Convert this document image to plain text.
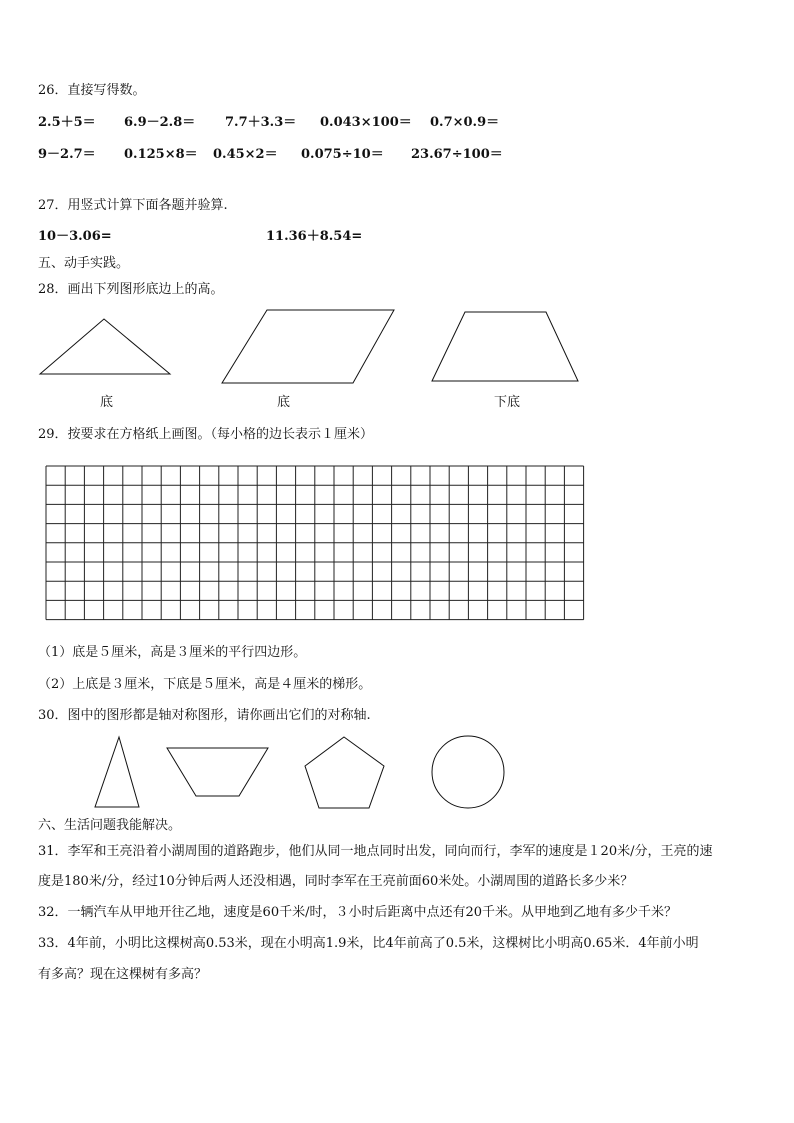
26．直接写得数。
2.5＋5＝ 6.9－2.8＝ 7.7＋3.3＝ 0.043×100＝ 0.7×0.9＝
9－2.7＝ 0.125×8＝ 0.45×2＝ 0.075÷10＝ 23.67÷100＝
27．用竖式计算下面各题并验算.
10－3.06=	11.36＋8.54=
五、动手实践。
28．画出下列图形底边上的高。
底	底	下底
29．按要求在方格纸上画图。（每小格的边长表示１厘米）
（1）底是５厘米，高是３厘米的平行四边形。
（2）上底是３厘米，下底是５厘米，高是４厘米的梯形。
30．图中的图形都是轴对称图形，请你画出它们的对称轴.
六、生活问题我能解决。
31．李军和王亮沿着小湖周围的道路跑步，他们从同一地点同时出发，同向而行，李军的速度是１20米/分，王亮的速
度是180米/分，经过10分钟后两人还没相遇，同时李军在王亮前面60米处。小湖周围的道路长多少米？
32．一辆汽车从甲地开往乙地，速度是60千米/时，３小时后距离中点还有20千米。从甲地到乙地有多少千米？
33．4年前，小明比这棵树高0.53米，现在小明高1.9米，比4年前高了0.5米，这棵树比小明高0.65米．4年前小明
有多高？现在这棵树有多高？
